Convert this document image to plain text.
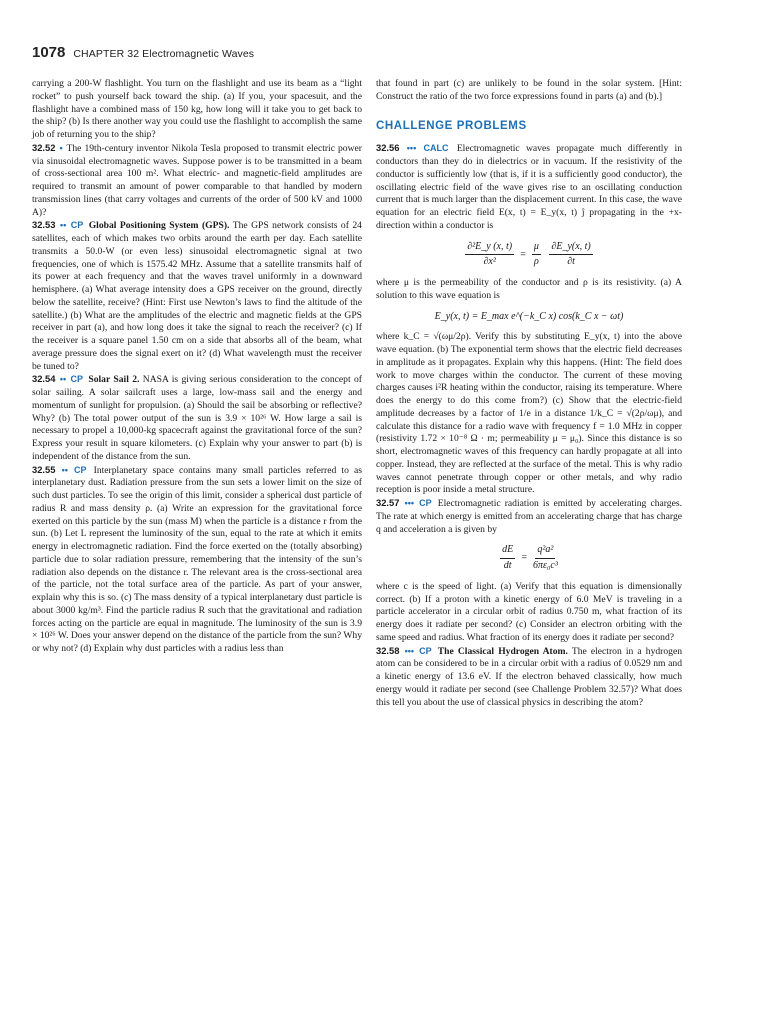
1078 CHAPTER 32 Electromagnetic Waves

carrying a 200-W flashlight. You turn on the flashlight and use its beam as a “light rocket” to push yourself back toward the ship. (a) If you, your spacesuit, and the flashlight have a combined mass of 150 kg, how long will it take you to get back to the ship? (b) Is there another way you could use the flashlight to accomplish the same job of returning you to the ship?

32.52 • The 19th-century inventor Nikola Tesla proposed to transmit electric power via sinusoidal electromagnetic waves. Suppose power is to be transmitted in a beam of cross-sectional area 100 m². What electric- and magnetic-field amplitudes are required to transmit an amount of power comparable to that handled by modern transmission lines (that carry voltages and currents of the order of 500 kV and 1000 A)?

32.53 •• CP Global Positioning System (GPS). The GPS network consists of 24 satellites, each of which makes two orbits around the earth per day. Each satellite transmits a 50.0-W (or even less) sinusoidal electromagnetic signal at two frequencies, one of which is 1575.42 MHz. Assume that a satellite transmits half of its power at each frequency and that the waves travel uniformly in a downward hemisphere. (a) What average intensity does a GPS receiver on the ground, directly below the satellite, receive? (Hint: First use Newton’s laws to find the altitude of the satellite.) (b) What are the amplitudes of the electric and magnetic fields at the GPS receiver in part (a), and how long does it take the signal to reach the receiver? (c) If the receiver is a square panel 1.50 cm on a side that absorbs all of the beam, what average pressure does the signal exert on it? (d) What wavelength must the receiver be tuned to?

32.54 •• CP Solar Sail 2. NASA is giving serious consideration to the concept of solar sailing. A solar sailcraft uses a large, low-mass sail and the energy and momentum of sunlight for propulsion. (a) Should the sail be absorbing or reflective? Why? (b) The total power output of the sun is 3.9 × 10²⁶ W. How large a sail is necessary to propel a 10,000-kg spacecraft against the gravitational force of the sun? Express your result in square kilometers. (c) Explain why your answer to part (b) is independent of the distance from the sun.

32.55 •• CP Interplanetary space contains many small particles referred to as interplanetary dust. Radiation pressure from the sun sets a lower limit on the size of such dust particles. To see the origin of this limit, consider a spherical dust particle of radius R and mass density ρ. (a) Write an expression for the gravitational force exerted on this particle by the sun (mass M) when the particle is a distance r from the sun. (b) Let L represent the luminosity of the sun, equal to the rate at which it emits energy in electromagnetic radiation. Find the force exerted on the (totally absorbing) particle due to solar radiation pressure, remembering that the intensity of the sun’s radiation also depends on the distance r. The relevant area is the cross-sectional area of the particle, not the total surface area of the particle. As part of your answer, explain why this is so. (c) The mass density of a typical interplanetary dust particle is about 3000 kg/m³. Find the particle radius R such that the gravitational and radiation forces acting on the particle are equal in magnitude. The luminosity of the sun is 3.9 × 10²⁶ W. Does your answer depend on the distance of the particle from the sun? Why or why not? (d) Explain why dust particles with a radius less than

that found in part (c) are unlikely to be found in the solar system. [Hint: Construct the ratio of the two force expressions found in parts (a) and (b).]

CHALLENGE PROBLEMS

32.56 ••• CALC Electromagnetic waves propagate much differently in conductors than they do in dielectrics or in vacuum. If the resistivity of the conductor is sufficiently low (that is, if it is a sufficiently good conductor), the oscillating electric field of the wave gives rise to an oscillating conduction current that is much larger than the displacement current. In this case, the wave equation for an electric field E(x, t) = E_y(x, t) ĵ propagating in the +x-direction within a conductor is

$\frac{\text{∂²E\_y (x, t)}}{\text{∂x²}} = \frac{\mu}{\rho}$
$\frac{\partial E\_y(x, t)}{\partial t}$

where μ is the permeability of the conductor and ρ is its resistivity. (a) A solution to this wave equation is

E_y(x, t) = E_max e^(−k_C x) cos(k_C x − ωt)

where k_C = √(ωμ/2ρ). Verify this by substituting E_y(x, t) into the above wave equation. (b) The exponential term shows that the electric field decreases in amplitude as it propagates. Explain why this happens. (Hint: The field does work to move charges within the conductor. The current of these moving charges causes i²R heating within the conductor, raising its temperature. Where does the energy to do this come from?) (c) Show that the electric-field amplitude decreases by a factor of 1/e in a distance 1/k_C = √(2ρ/ωμ), and calculate this distance for a radio wave with frequency f = 1.0 MHz in copper (resistivity 1.72 × 10⁻⁸ Ω · m; permeability μ = μ₀). Since this distance is so short, electromagnetic waves of this frequency can hardly propagate at all into copper. Instead, they are reflected at the surface of the metal. This is why radio waves cannot penetrate through copper or other metals, and why radio reception is poor inside a metal structure.

32.57 ••• CP Electromagnetic radiation is emitted by accelerating charges. The rate at which energy is emitted from an accelerating charge that has charge q and acceleration a is given by

$\frac{dE}{dt} = \frac{\text{q²a²}}{\text{6πε₀c³}}$

where c is the speed of light. (a) Verify that this equation is dimensionally correct. (b) If a proton with a kinetic energy of 6.0 MeV is traveling in a particle accelerator in a circular orbit of radius 0.750 m, what fraction of its energy does it radiate per second? (c) Consider an electron orbiting with the same speed and radius. What fraction of its energy does it radiate per second?

32.58 ••• CP The Classical Hydrogen Atom. The electron in a hydrogen atom can be considered to be in a circular orbit with a radius of 0.0529 nm and a kinetic energy of 13.6 eV. If the electron behaved classically, how much energy would it radiate per second (see Challenge Problem 32.57)? What does this tell you about the use of classical physics in describing the atom?
